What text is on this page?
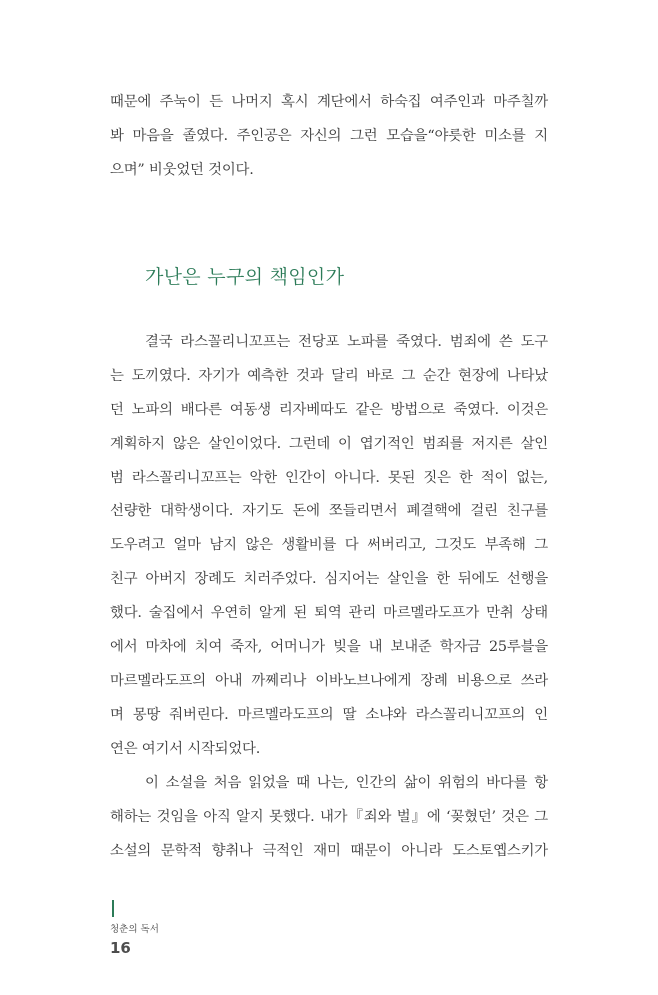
때문에 주눅이 든 나머지 혹시 계단에서 하숙집 여주인과 마주칠까
봐 마음을 졸였다. 주인공은 자신의 그런 모습을“야릇한 미소를 지
으며” 비웃었던 것이다.
가난은 누구의 책임인가
결국 라스꼴리니꼬프는 전당포 노파를 죽였다. 범죄에 쓴 도구
는 도끼였다. 자기가 예측한 것과 달리 바로 그 순간 현장에 나타났
던 노파의 배다른 여동생 리자베따도 같은 방법으로 죽였다. 이것은
계획하지 않은 살인이었다. 그런데 이 엽기적인 범죄를 저지른 살인
범 라스꼴리니꼬프는 악한 인간이 아니다. 못된 짓은 한 적이 없는,
선량한 대학생이다. 자기도 돈에 쪼들리면서 폐결핵에 걸린 친구를
도우려고 얼마 남지 않은 생활비를 다 써버리고, 그것도 부족해 그
친구 아버지 장례도 치러주었다. 심지어는 살인을 한 뒤에도 선행을
했다. 술집에서 우연히 알게 된 퇴역 관리 마르멜라도프가 만취 상태
에서 마차에 치여 죽자, 어머니가 빚을 내 보내준 학자금 25루블을
마르멜라도프의 아내 까쩨리나 이바노브나에게 장례 비용으로 쓰라
며 몽땅 줘버린다. 마르멜라도프의 딸 소냐와 라스꼴리니꼬프의 인
연은 여기서 시작되었다.
이 소설을 처음 읽었을 때 나는, 인간의 삶이 위험의 바다를 항
해하는 것임을 아직 알지 못했다. 내가『죄와 벌』에 ‘꽂혔던’ 것은 그
소설의 문학적 향취나 극적인 재미 때문이 아니라 도스토옙스키가
청춘의 독서
16
